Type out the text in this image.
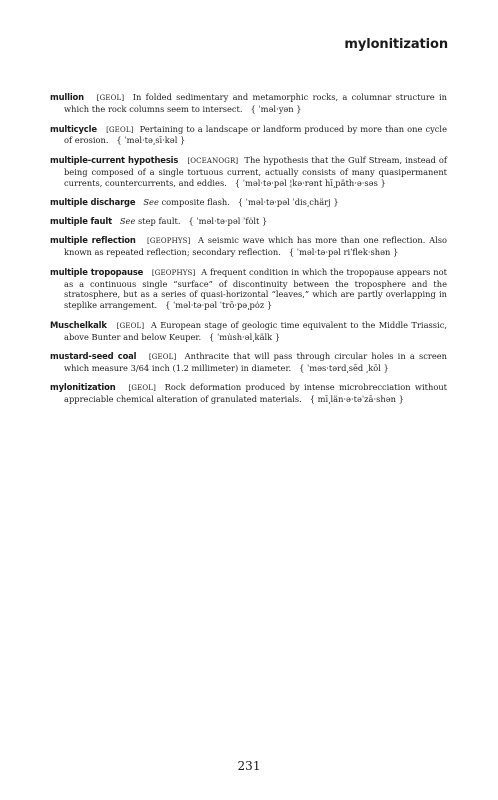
mylonitization

mullion [GEOL] In folded sedimentary and metamorphic rocks, a columnar structure in which the rock columns seem to intersect. { ˈməl·yən }

multicycle [GEOL] Pertaining to a landscape or landform produced by more than one cycle of erosion. { ˈməl·tə͵sī·kəl }

multiple-current hypothesis [OCEANOGR] The hypothesis that the Gulf Stream, instead of being composed of a single tortuous current, actually consists of many quasipermanent currents, countercurrents, and eddies. { ˈməl·tə·pəl ¦kə·rənt hī͵päth·ə·səs }

multiple discharge See composite flash. { ˈməl·tə·pəl ˈdis͵chärj }

multiple fault See step fault. { ˈməl·tə·pəl ˈfȯlt }

multiple reflection [GEOPHYS] A seismic wave which has more than one reflection. Also known as repeated reflection; secondary reflection. { ˈməl·tə·pəl riˈflek·shən }

multiple tropopause [GEOPHYS] A frequent condition in which the tropopause appears not as a continuous single “surface” of discontinuity between the troposphere and the stratosphere, but as a series of quasi-horizontal “leaves,” which are partly overlapping in steplike arrangement. { ˈməl·tə·pəl ˈtrō·pə͵pȯz }

Muschelkalk [GEOL] A European stage of geologic time equivalent to the Middle Triassic, above Bunter and below Keuper. { ˈmu̇sh·əl͵kälk }

mustard-seed coal [GEOL] Anthracite that will pass through circular holes in a screen which measure 3/64 inch (1.2 millimeter) in diameter. { ˈməs·tərd͵sēd ͵kōl }

mylonitization [GEOL] Rock deformation produced by intense microbrecciation without appreciable chemical alteration of granulated materials. { mī͵län·ə·təˈzā·shən }

231
